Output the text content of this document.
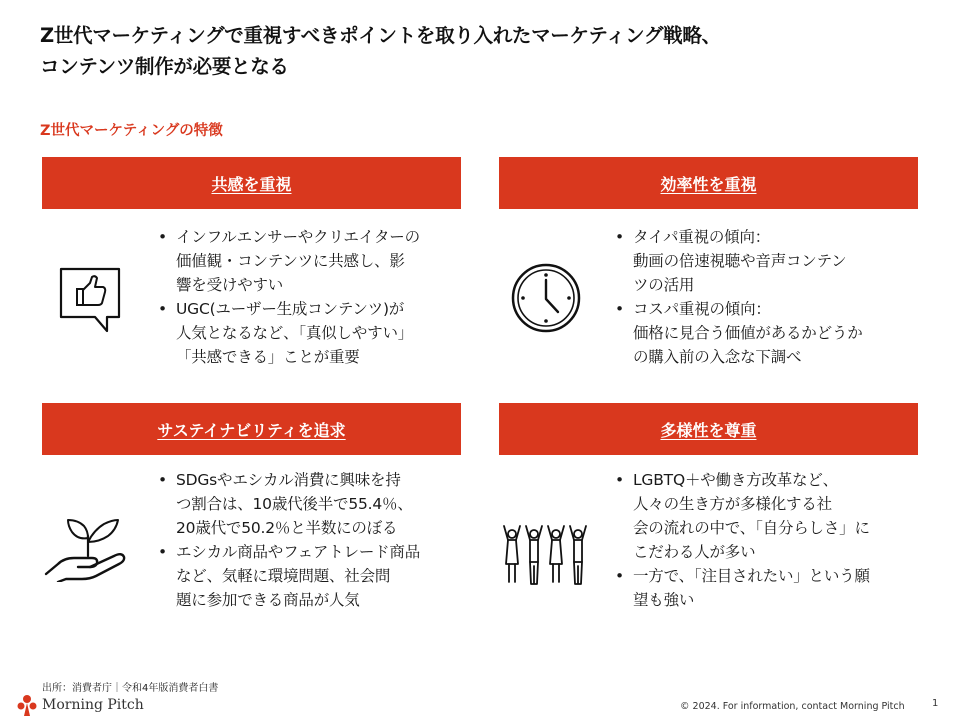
Z世代マーケティングで重視すべきポイントを取り入れたマーケティング戦略、
コンテンツ制作が必要となる
Z世代マーケティングの特徴
共感を重視
• インフルエンサーやクリエイターの
価値観・コンテンツに共感し、影
響を受けやすい
• UGC(ユーザー生成コンテンツ)が
人気となるなど、「真似しやすい」
「共感できる」ことが重要
効率性を重視
• タイパ重視の傾向：
動画の倍速視聴や音声コンテン
ツの活用
• コスパ重視の傾向：
価格に見合う価値があるかどうか
の購入前の入念な下調べ
サステイナビリティを追求
• SDGsやエシカル消費に興味を持
つ割合は、10歳代後半で55.4％、
20歳代で50.2％と半数にのぼる
• エシカル商品やフェアトレード商品
など、気軽に環境問題、社会問
題に参加できる商品が人気
多様性を尊重
• LGBTQ＋や働き方改革など、
人々の生き方が多様化する社
会の流れの中で、「自分らしさ」に
こだわる人が多い
• 一方で、「注目されたい」という願
望も強い
出所：消費者庁｜令和4年版消費者白書
Morning Pitch	© 2024. For information, contact Morning Pitch	1
